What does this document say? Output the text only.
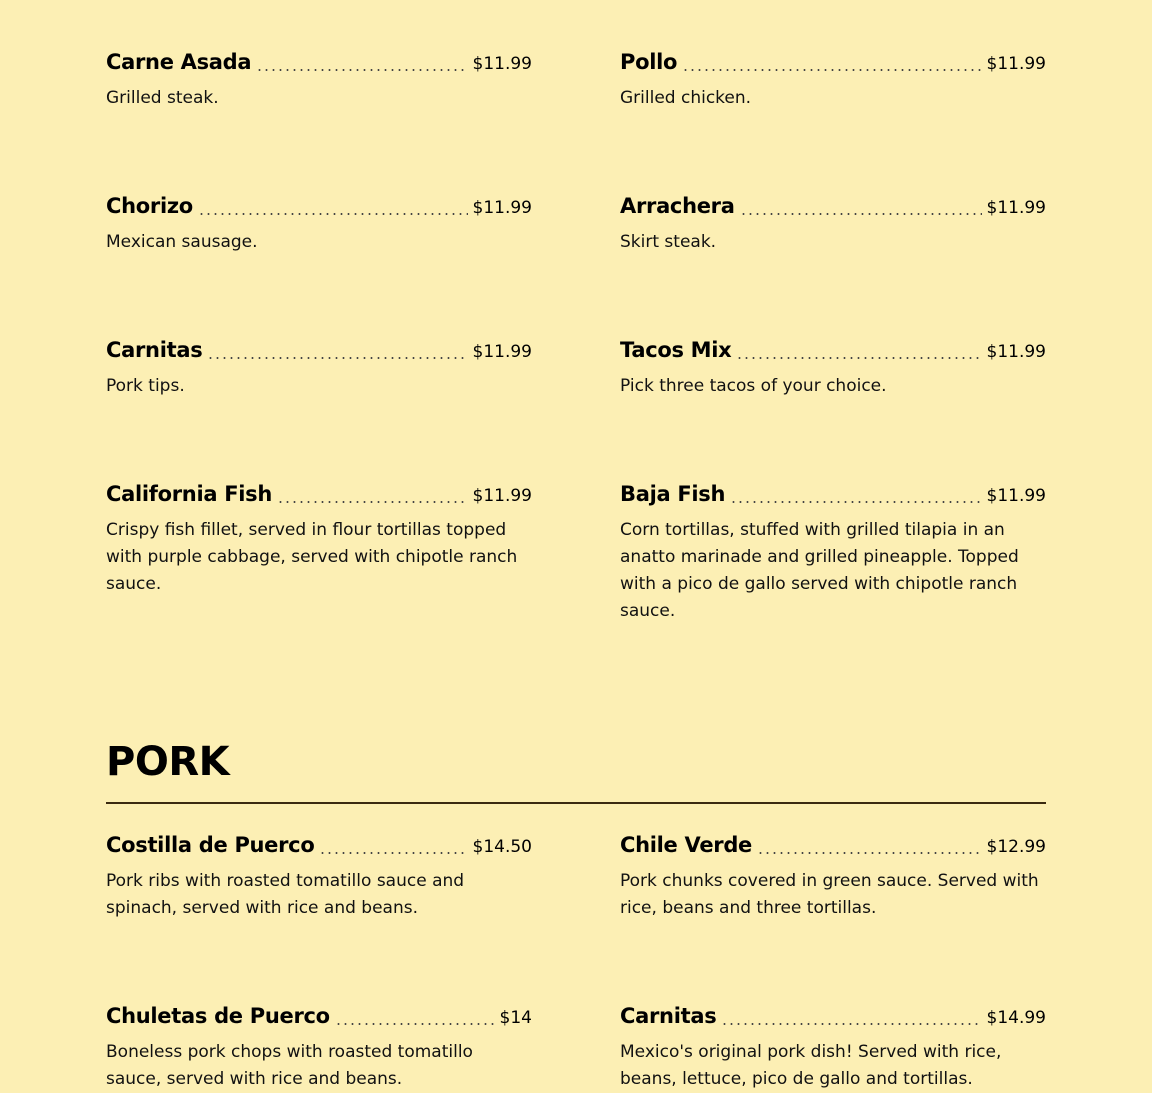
Carne Asada	$11.99
Grilled steak.
Pollo	$11.99
Grilled chicken.
Chorizo	$11.99
Mexican sausage.
Arrachera	$11.99
Skirt steak.
Carnitas	$11.99
Pork tips.
Tacos Mix	$11.99
Pick three tacos of your choice.
California Fish	$11.99
Crispy fish fillet, served in flour tortillas topped with purple cabbage, served with chipotle ranch sauce.
Baja Fish	$11.99
Corn tortillas, stuffed with grilled tilapia in an anatto marinade and grilled pineapple. Topped with a pico de gallo served with chipotle ranch sauce.
PORK
Costilla de Puerco	$14.50
Pork ribs with roasted tomatillo sauce and spinach, served with rice and beans.
Chile Verde	$12.99
Pork chunks covered in green sauce. Served with rice, beans and three tortillas.
Chuletas de Puerco	$14
Boneless pork chops with roasted tomatillo sauce, served with rice and beans.
Carnitas	$14.99
Mexico's original pork dish! Served with rice, beans, lettuce, pico de gallo and tortillas.
